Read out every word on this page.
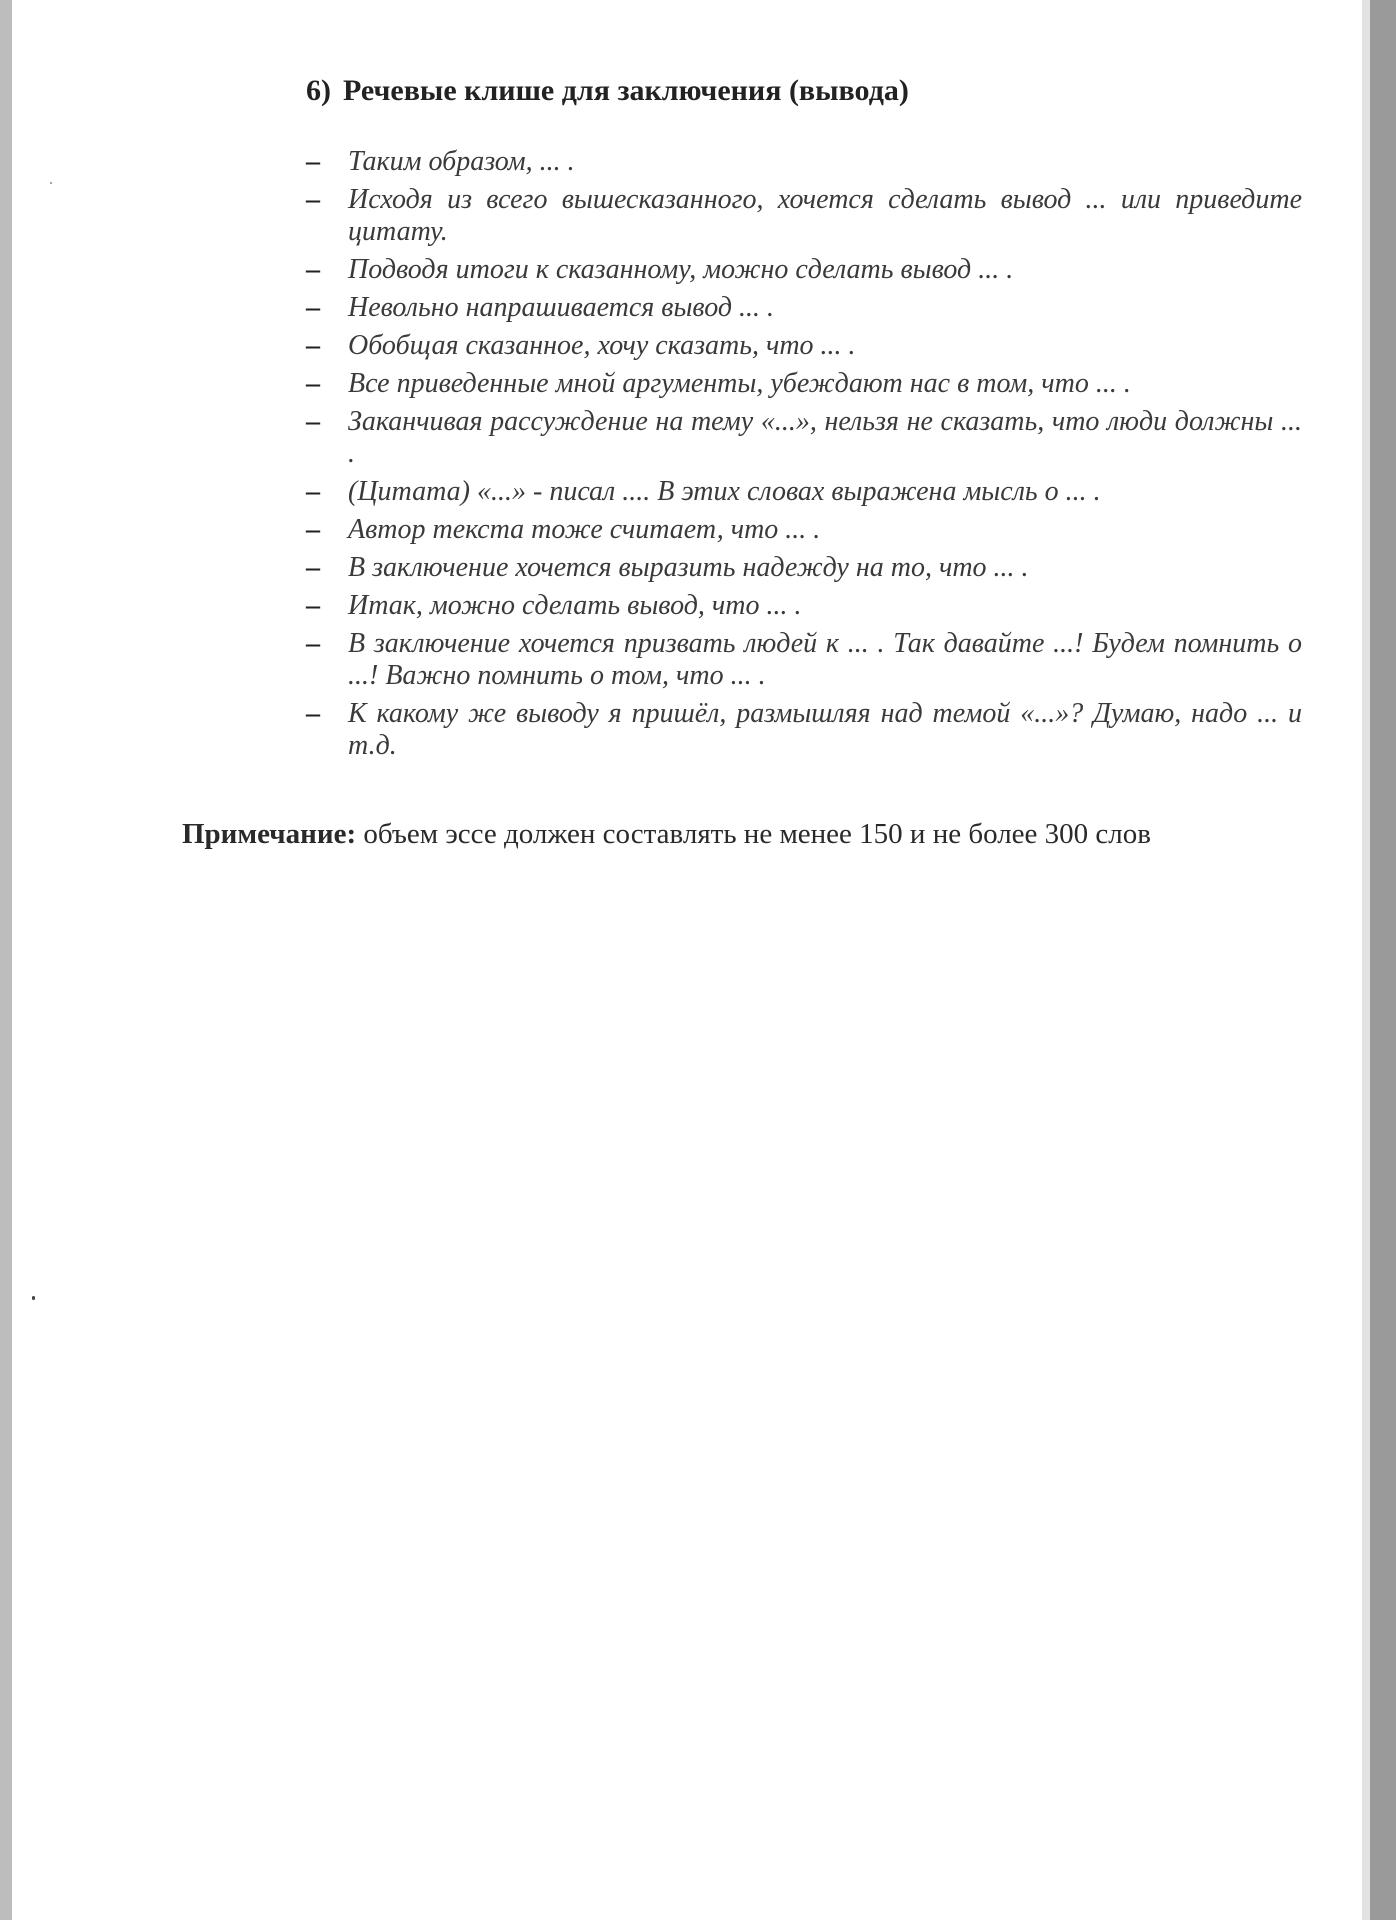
6) Речевые клише для заключения (вывода)
– Таким образом, ... .
– Исходя из всего вышесказанного, хочется сделать вывод ... или приведите цитату.
– Подводя итоги к сказанному, можно сделать вывод ... .
– Невольно напрашивается вывод ... .
– Обобщая сказанное, хочу сказать, что ... .
– Все приведенные мной аргументы, убеждают нас в том, что ... .
– Заканчивая рассуждение на тему «...», нельзя не сказать, что люди должны ... .
– (Цитата) «...» - писал .... В этих словах выражена мысль о ... .
– Автор текста тоже считает, что ... .
– В заключение хочется выразить надежду на то, что ... .
– Итак, можно сделать вывод, что ... .
– В заключение хочется призвать людей к ... . Так давайте ...! Будем помнить о ...! Важно помнить о том, что ... .
– К какому же выводу я пришёл, размышляя над темой «...»? Думаю, надо ... и т.д.
Примечание: объем эссе должен составлять не менее 150 и не более 300 слов
